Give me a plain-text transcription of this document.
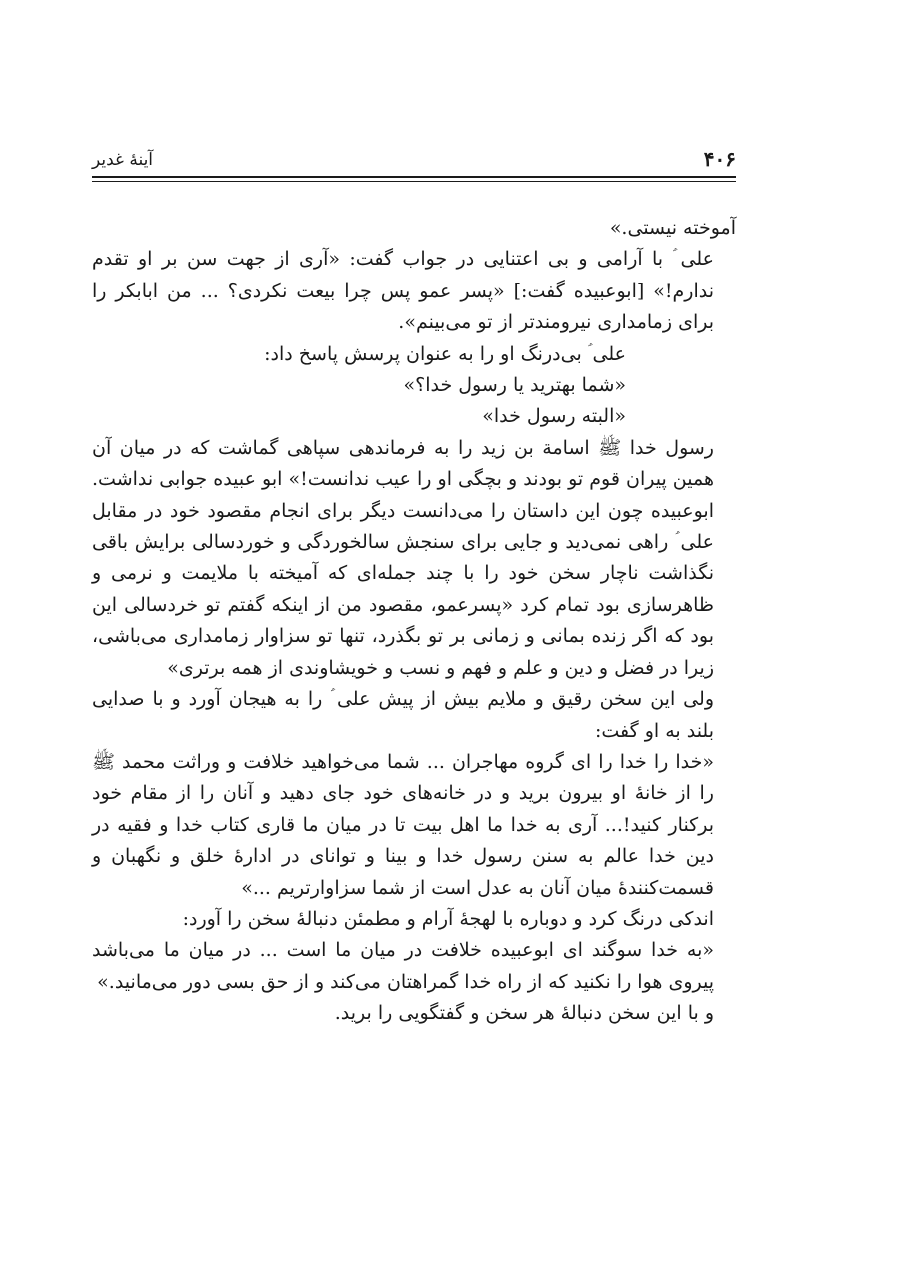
۴۰۶
آینهٔ غدیر

آموخته نیستی.»

علی ؑ با آرامی و بی اعتنایی در جواب گفت: «آری از جهت سن بر او تقدم ندارم!» [ابوعبیده گفت:] «پسر عمو پس چرا بیعت نکردی؟ ... من ابابکر را برای زمامداری نیرومندتر از تو می‌بینم».

علی ؑ بی‌درنگ او را به عنوان پرسش پاسخ داد:

«شما بهترید یا رسول خدا؟»

«البته رسول خدا»

رسول خدا ﷺ اسامة بن زید را به فرماندهی سپاهی گماشت که در میان آن همین پیران قوم تو بودند و بچگی او را عیب ندانست!» ابو عبیده جوابی نداشت. ابوعبیده چون این داستان را می‌دانست دیگر برای انجام مقصود خود در مقابل علی ؑ راهی نمی‌دید و جایی برای سنجش سالخوردگی و خوردسالی برایش باقی نگذاشت ناچار سخن خود را با چند جمله‌ای که آمیخته با ملایمت و نرمی و ظاهرسازی بود تمام کرد «پسرعمو، مقصود من از اینکه گفتم تو خردسالی این بود که اگر زنده بمانی و زمانی بر تو بگذرد، تنها تو سزاوار زمامداری می‌باشی، زیرا در فضل و دین و علم و فهم و نسب و خویشاوندی از همه برتری»

ولی این سخن رقیق و ملایم بیش از پیش علی ؑ را به هیجان آورد و با صدایی بلند به او گفت:

«خدا را خدا را ای گروه مهاجران ... شما می‌خواهید خلافت و وراثت محمد ﷺ را از خانهٔ او بیرون برید و در خانه‌های خود جای دهید و آنان را از مقام خود برکنار کنید!... آری به خدا ما اهل بیت تا در میان ما قاری کتاب خدا و فقیه در دین خدا عالم به سنن رسول خدا و بینا و توانای در ادارهٔ خلق و نگهبان و قسمت‌کنندهٔ میان آنان به عدل است از شما سزاوارتریم ...»

اندکی درنگ کرد و دوباره با لهجهٔ آرام و مطمئن دنبالهٔ سخن را آورد:

«به خدا سوگند ای ابوعبیده خلافت در میان ما است ... در میان ما می‌باشد پیروی هوا را نکنید که از راه خدا گمراهتان می‌کند و از حق بسی دور می‌مانید.»

و با این سخن دنبالهٔ هر سخن و گفتگویی را برید.
